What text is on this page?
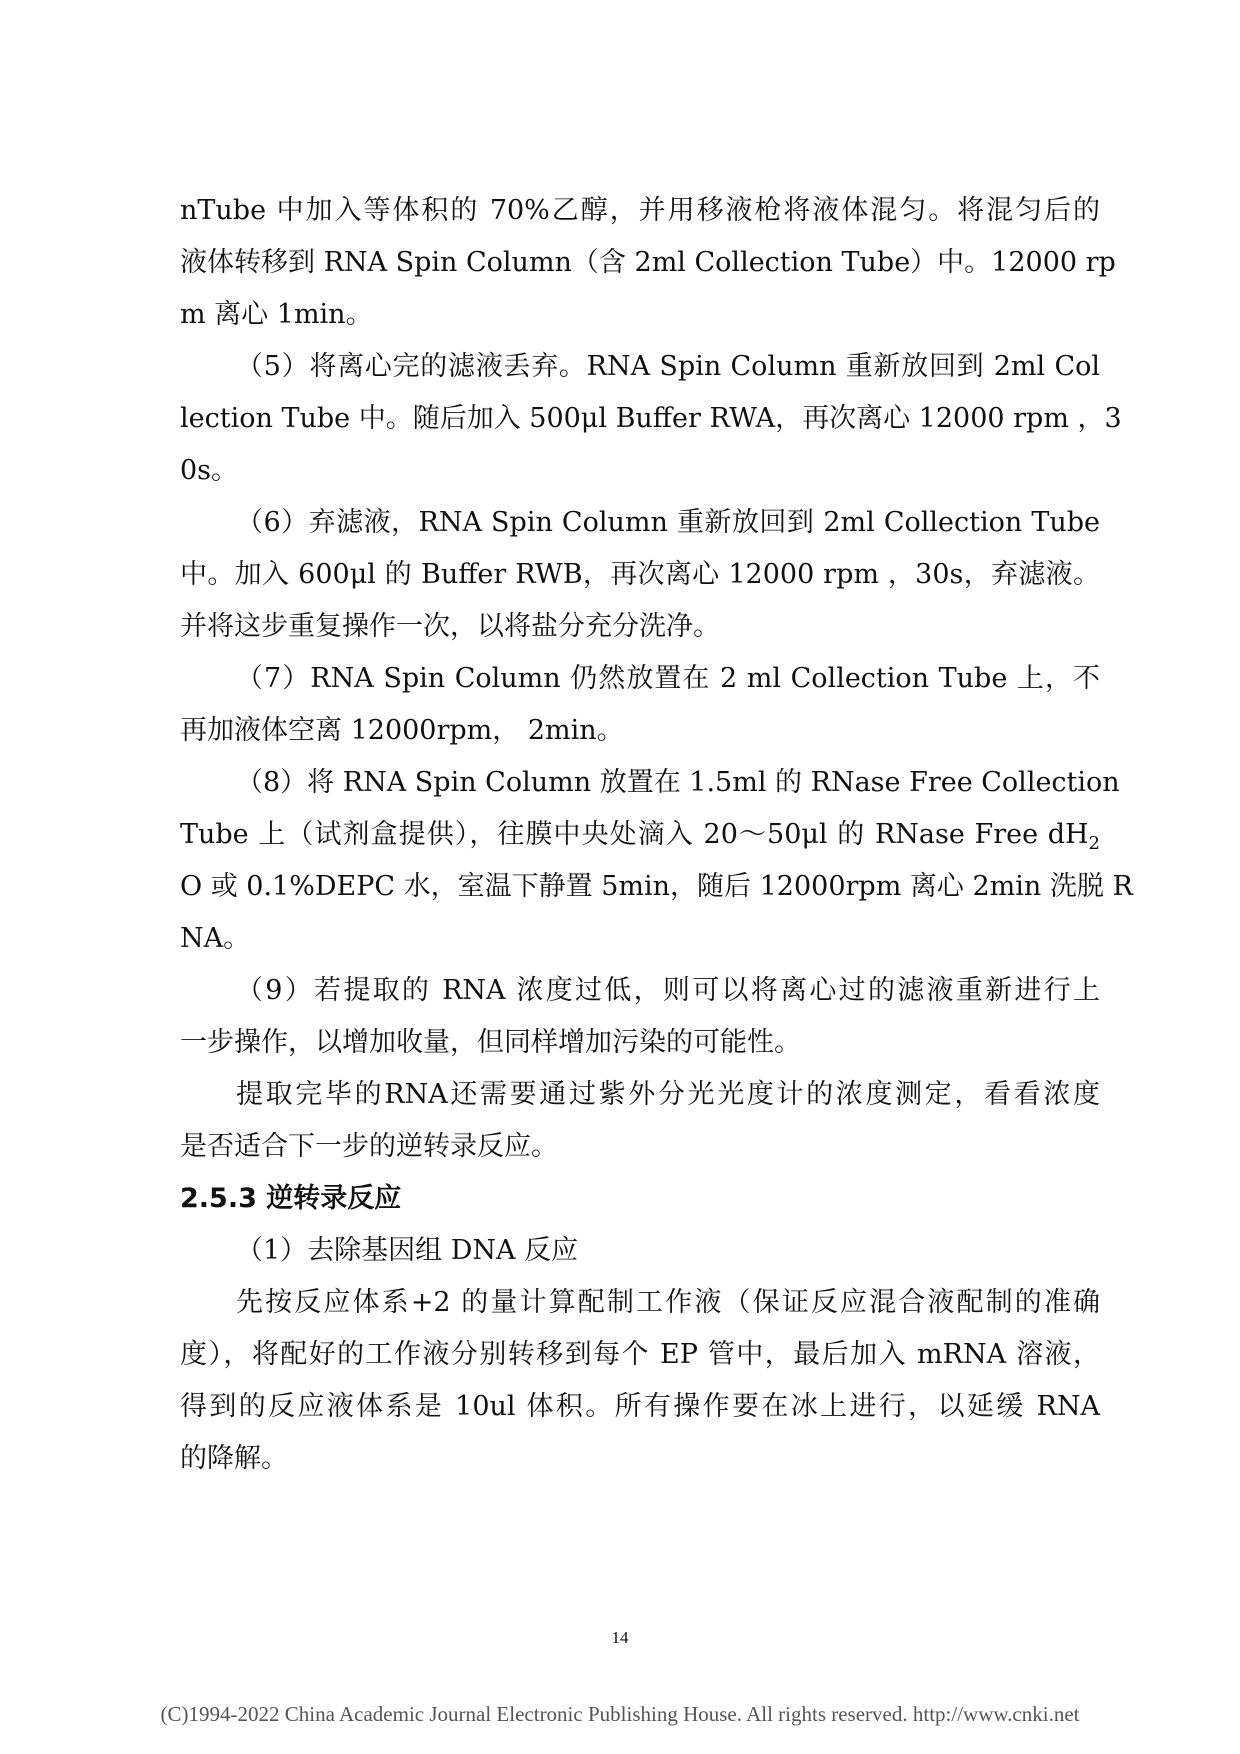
nTube 中加入等体积的 70%乙醇，并用移液枪将液体混匀。将混匀后的
液体转移到 RNA Spin Column（含 2ml Collection Tube）中。12000 rp
m 离心 1min。
（5）将离心完的滤液丢弃。RNA Spin Column 重新放回到 2ml Col
lection Tube 中。随后加入 500μl Buffer RWA，再次离心 12000 rpm ，3
0s。
（6）弃滤液，RNA Spin Column 重新放回到 2ml Collection Tube
中。加入 600μl 的 Buffer RWB，再次离心 12000 rpm ，30s，弃滤液。
并将这步重复操作一次，以将盐分充分洗净。
（7）RNA Spin Column 仍然放置在 2 ml Collection Tube 上，不
再加液体空离 12000rpm， 2min。
（8）将 RNA Spin Column 放置在 1.5ml 的 RNase Free Collection
Tube 上（试剂盒提供），往膜中央处滴入 20～50μl 的 RNase Free $dH_2$
O 或 0.1%DEPC 水，室温下静置 5min，随后 12000rpm 离心 2min 洗脱 R
NA。
（9）若提取的 RNA 浓度过低，则可以将离心过的滤液重新进行上
一步操作，以增加收量，但同样增加污染的可能性。
提取完毕的RNA还需要通过紫外分光光度计的浓度测定，看看浓度
是否适合下一步的逆转录反应。
2.5.3 逆转录反应
（1）去除基因组 DNA 反应
先按反应体系+2 的量计算配制工作液（保证反应混合液配制的准确
度），将配好的工作液分别转移到每个 EP 管中，最后加入 mRNA 溶液，
得到的反应液体系是 10ul 体积。所有操作要在冰上进行，以延缓 RNA
的降解。
14
(C)1994-2022 China Academic Journal Electronic Publishing House. All rights reserved. http://www.cnki.net
